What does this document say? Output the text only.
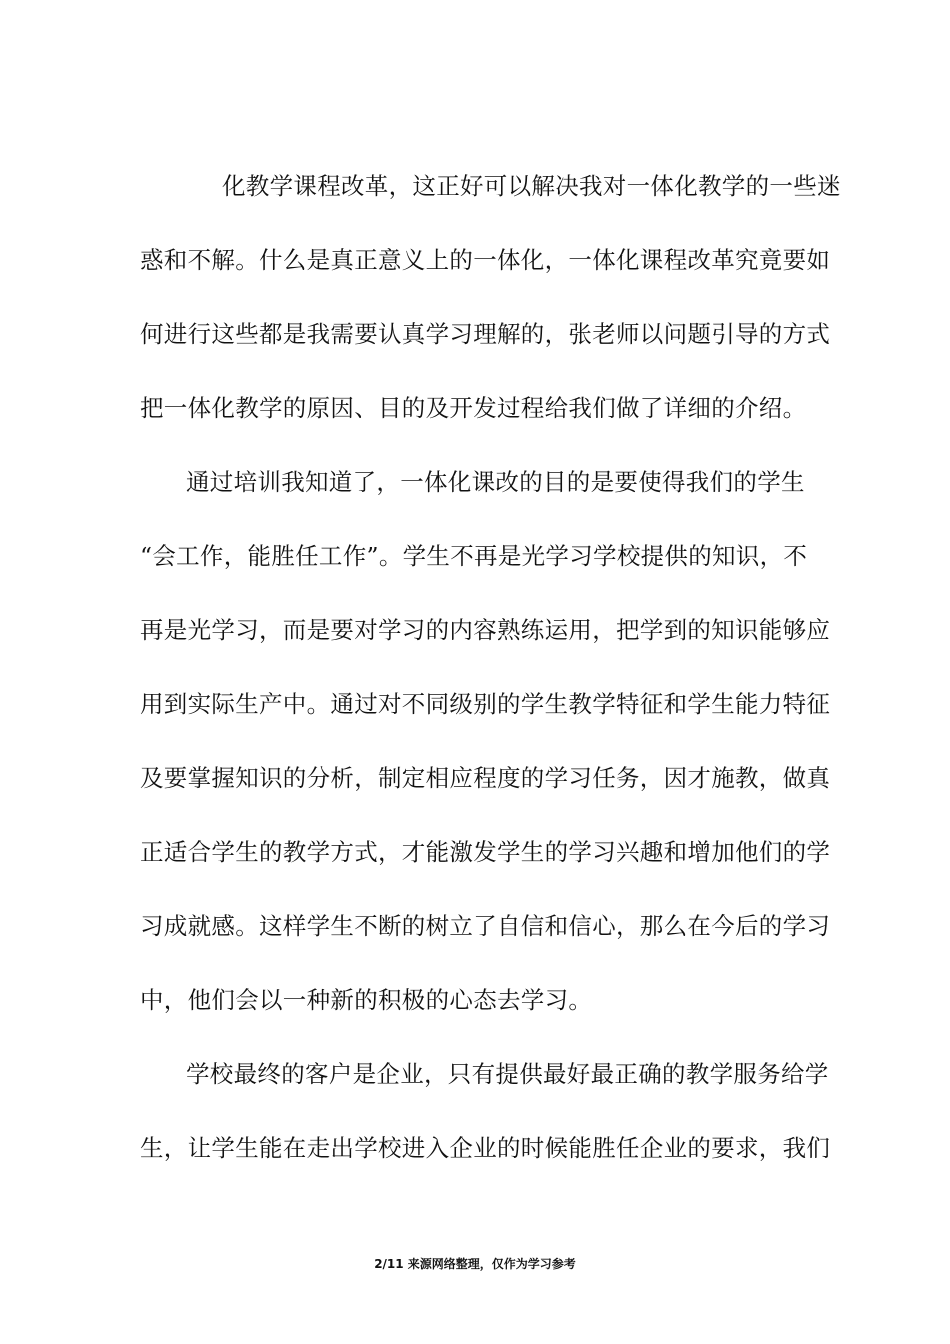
化教学课程改革，这正好可以解决我对一体化教学的一些迷
惑和不解。什么是真正意义上的一体化，一体化课程改革究竟要如
何进行这些都是我需要认真学习理解的，张老师以问题引导的方式
把一体化教学的原因、目的及开发过程给我们做了详细的介绍。
通过培训我知道了，一体化课改的目的是要使得我们的学生
“会工作，能胜任工作”。学生不再是光学习学校提供的知识，不
再是光学习，而是要对学习的内容熟练运用，把学到的知识能够应
用到实际生产中。通过对不同级别的学生教学特征和学生能力特征
及要掌握知识的分析，制定相应程度的学习任务，因才施教，做真
正适合学生的教学方式，才能激发学生的学习兴趣和增加他们的学
习成就感。这样学生不断的树立了自信和信心，那么在今后的学习
中，他们会以一种新的积极的心态去学习。
学校最终的客户是企业，只有提供最好最正确的教学服务给学
生，让学生能在走出学校进入企业的时候能胜任企业的要求，我们
2/11 来源网络整理，仅作为学习参考
